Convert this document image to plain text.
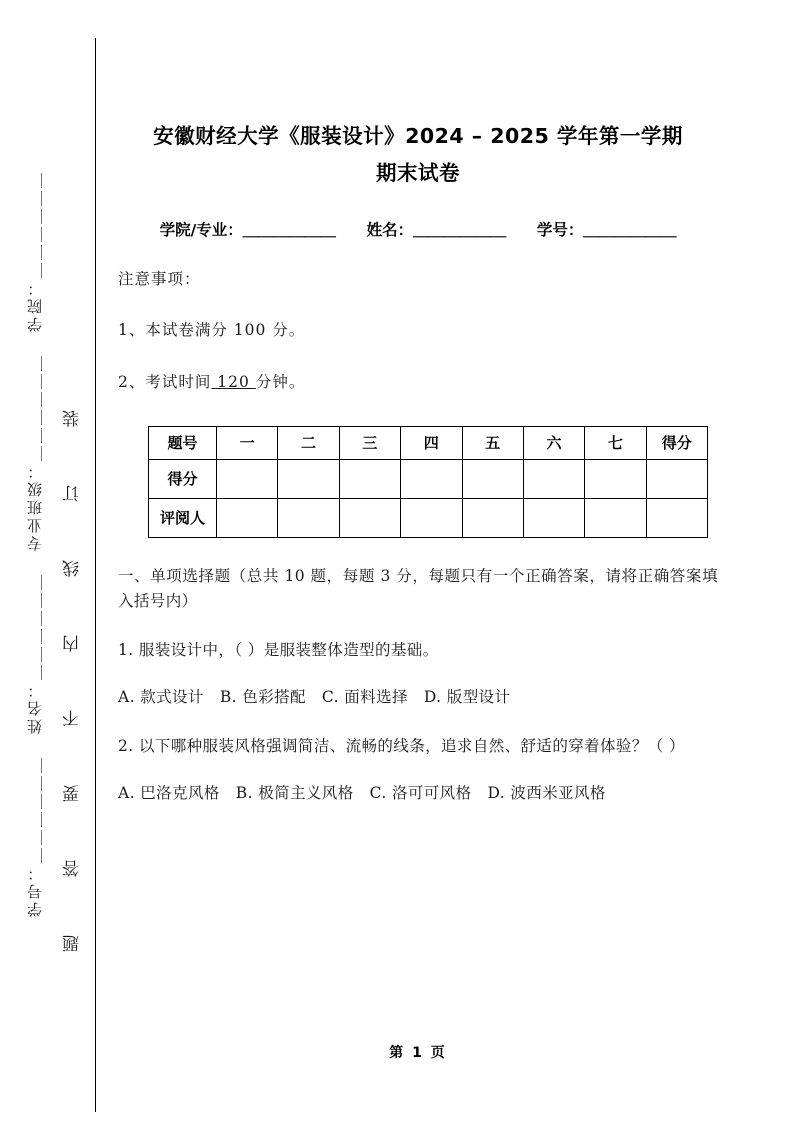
学号：＿＿＿＿＿＿ 姓名：＿＿＿＿＿＿ 专业班级：＿＿＿＿＿＿ 学院：＿＿＿＿＿＿ 题答要不内线订装
安徽财经大学《服装设计》2024 – 2025 学年第一学期
期末试卷

学院/专业：＿＿＿＿＿＿ 姓名：＿＿＿＿＿＿ 学号：＿＿＿＿＿＿

注意事项：

1、本试卷满分 100 分。

2、考试时间 120 分钟。

题号	一	二	三	四	五	六	七	得分
得分								
评阅人								

一、单项选择题（总共 10 题，每题 3 分，每题只有一个正确答案，请将正确答案填入括号内）

1. 服装设计中，（ ）是服装整体造型的基础。

A. 款式设计 B. 色彩搭配 C. 面料选择 D. 版型设计

2. 以下哪种服装风格强调简洁、流畅的线条，追求自然、舒适的穿着体验？（ ）

A. 巴洛克风格 B. 极简主义风格 C. 洛可可风格 D. 波西米亚风格

第 1 页
